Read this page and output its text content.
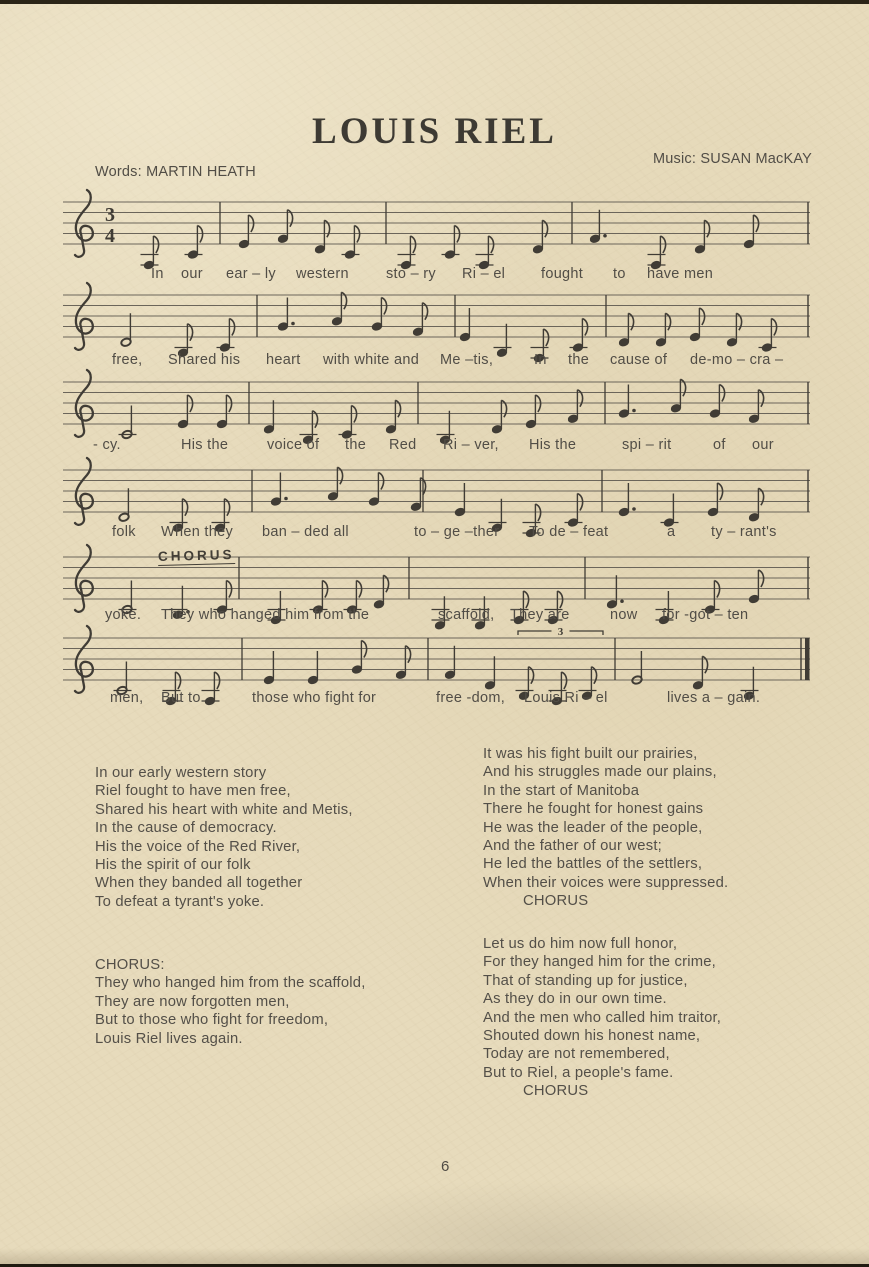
LOUIS RIEL
Words: MARTIN HEATH
Music: SUSAN MacKAY
3
4
3
CHORUS
In our early western story
Riel fought to have men free,
Shared his heart with white and Metis,
In the cause of democracy.
His the voice of the Red River,
His the spirit of our folk
When they banded all together
To defeat a tyrant's yoke.
CHORUS:
They who hanged him from the scaffold,
They are now forgotten men,
But to those who fight for freedom,
Louis Riel lives again.
It was his fight built our prairies,
And his struggles made our plains,
In the start of Manitoba
There he fought for honest gains
He was the leader of the people,
And the father of our west;
He led the battles of the settlers,
When their voices were suppressed.
CHORUS
Let us do him now full honor,
For they hanged him for the crime,
That of standing up for justice,
As they do in our own time.
And the men who called him traitor,
Shouted down his honest name,
Today are not remembered,
But to Riel, a people's fame.
CHORUS
6
In our ear – ly western	sto – ry Ri – el fought to have men
free, Shared his heart with white and Me –tis,	In the cause of de-mo – cra –
- cy.	His the	voice of the Red Ri – ver, His the	spi – rit	of our
folk When they ban – ded all	to – ge –ther To de – feat	a ty – rant's
yoke. They who hanged him from the	scaffold, They are	now for -got – ten
men, But to	those who fight for	free -dom, Louis Ri – el	lives a – gain.
